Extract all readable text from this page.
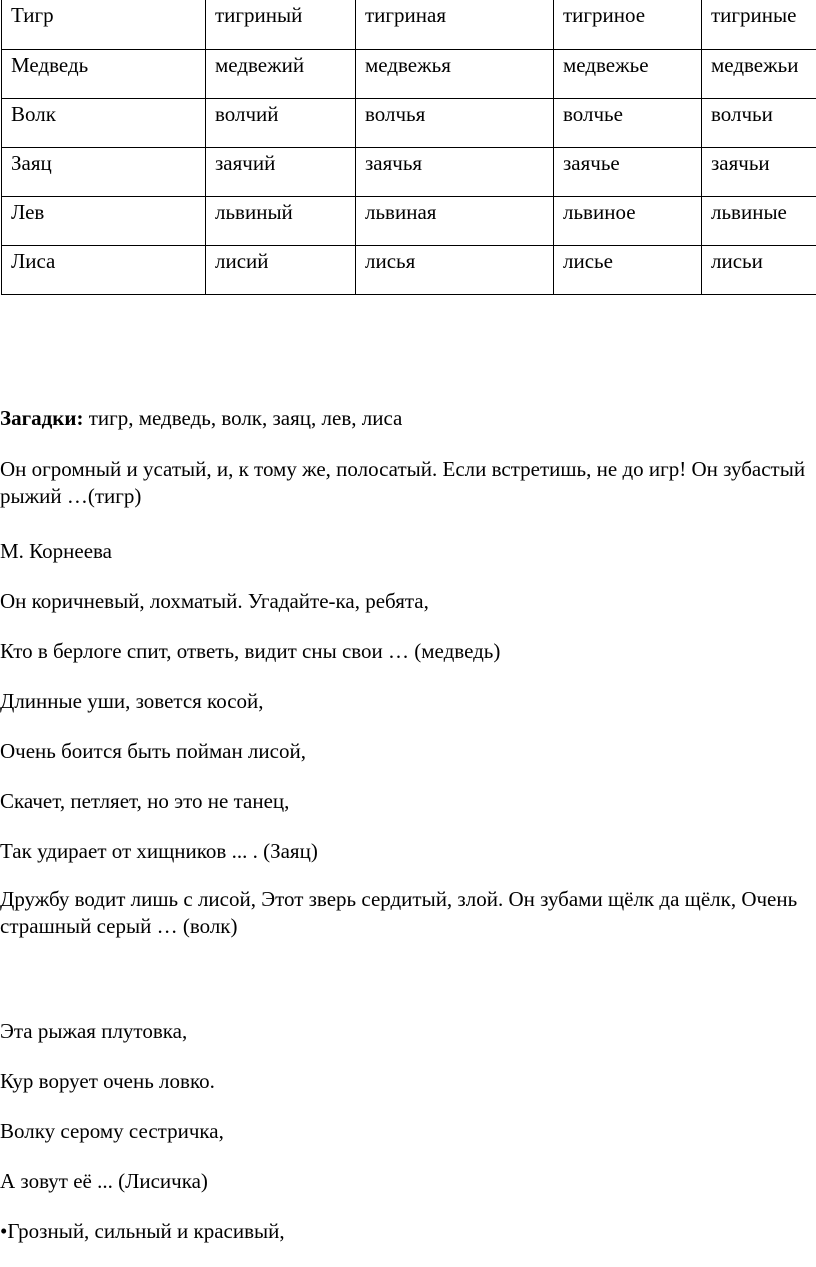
Тигр	тигриный	тигриная	тигриное	тигриные
Медведь	медвежий	медвежья	медвежье	медвежьи
Волк	волчий	волчья	волчье	волчьи
Заяц	заячий	заячья	заячье	заячьи
Лев	львиный	львиная	львиное	львиные
Лиса	лисий	лисья	лисье	лисьи

Загадки: тигр, медведь, волк, заяц, лев, лиса

Он огромный и усатый, и, к тому же, полосатый. Если встретишь, не до игр! Он зубастый рыжий …(тигр)

М. Корнеева

Он коричневый, лохматый. Угадайте-ка, ребята,

Кто в берлоге спит, ответь, видит сны свои … (медведь)

Длинные уши, зовется косой,

Очень боится быть пойман лисой,

Скачет, петляет, но это не танец,

Так удирает от хищников ... . (Заяц)

Дружбу водит лишь с лисой, Этот зверь сердитый, злой. Он зубами щёлк да щёлк, Очень страшный серый … (волк)

Эта рыжая плутовка,

Кур ворует очень ловко.

Волку серому сестричка,

А зовут её ... (Лисичка)

•Грозный, сильный и красивый,
